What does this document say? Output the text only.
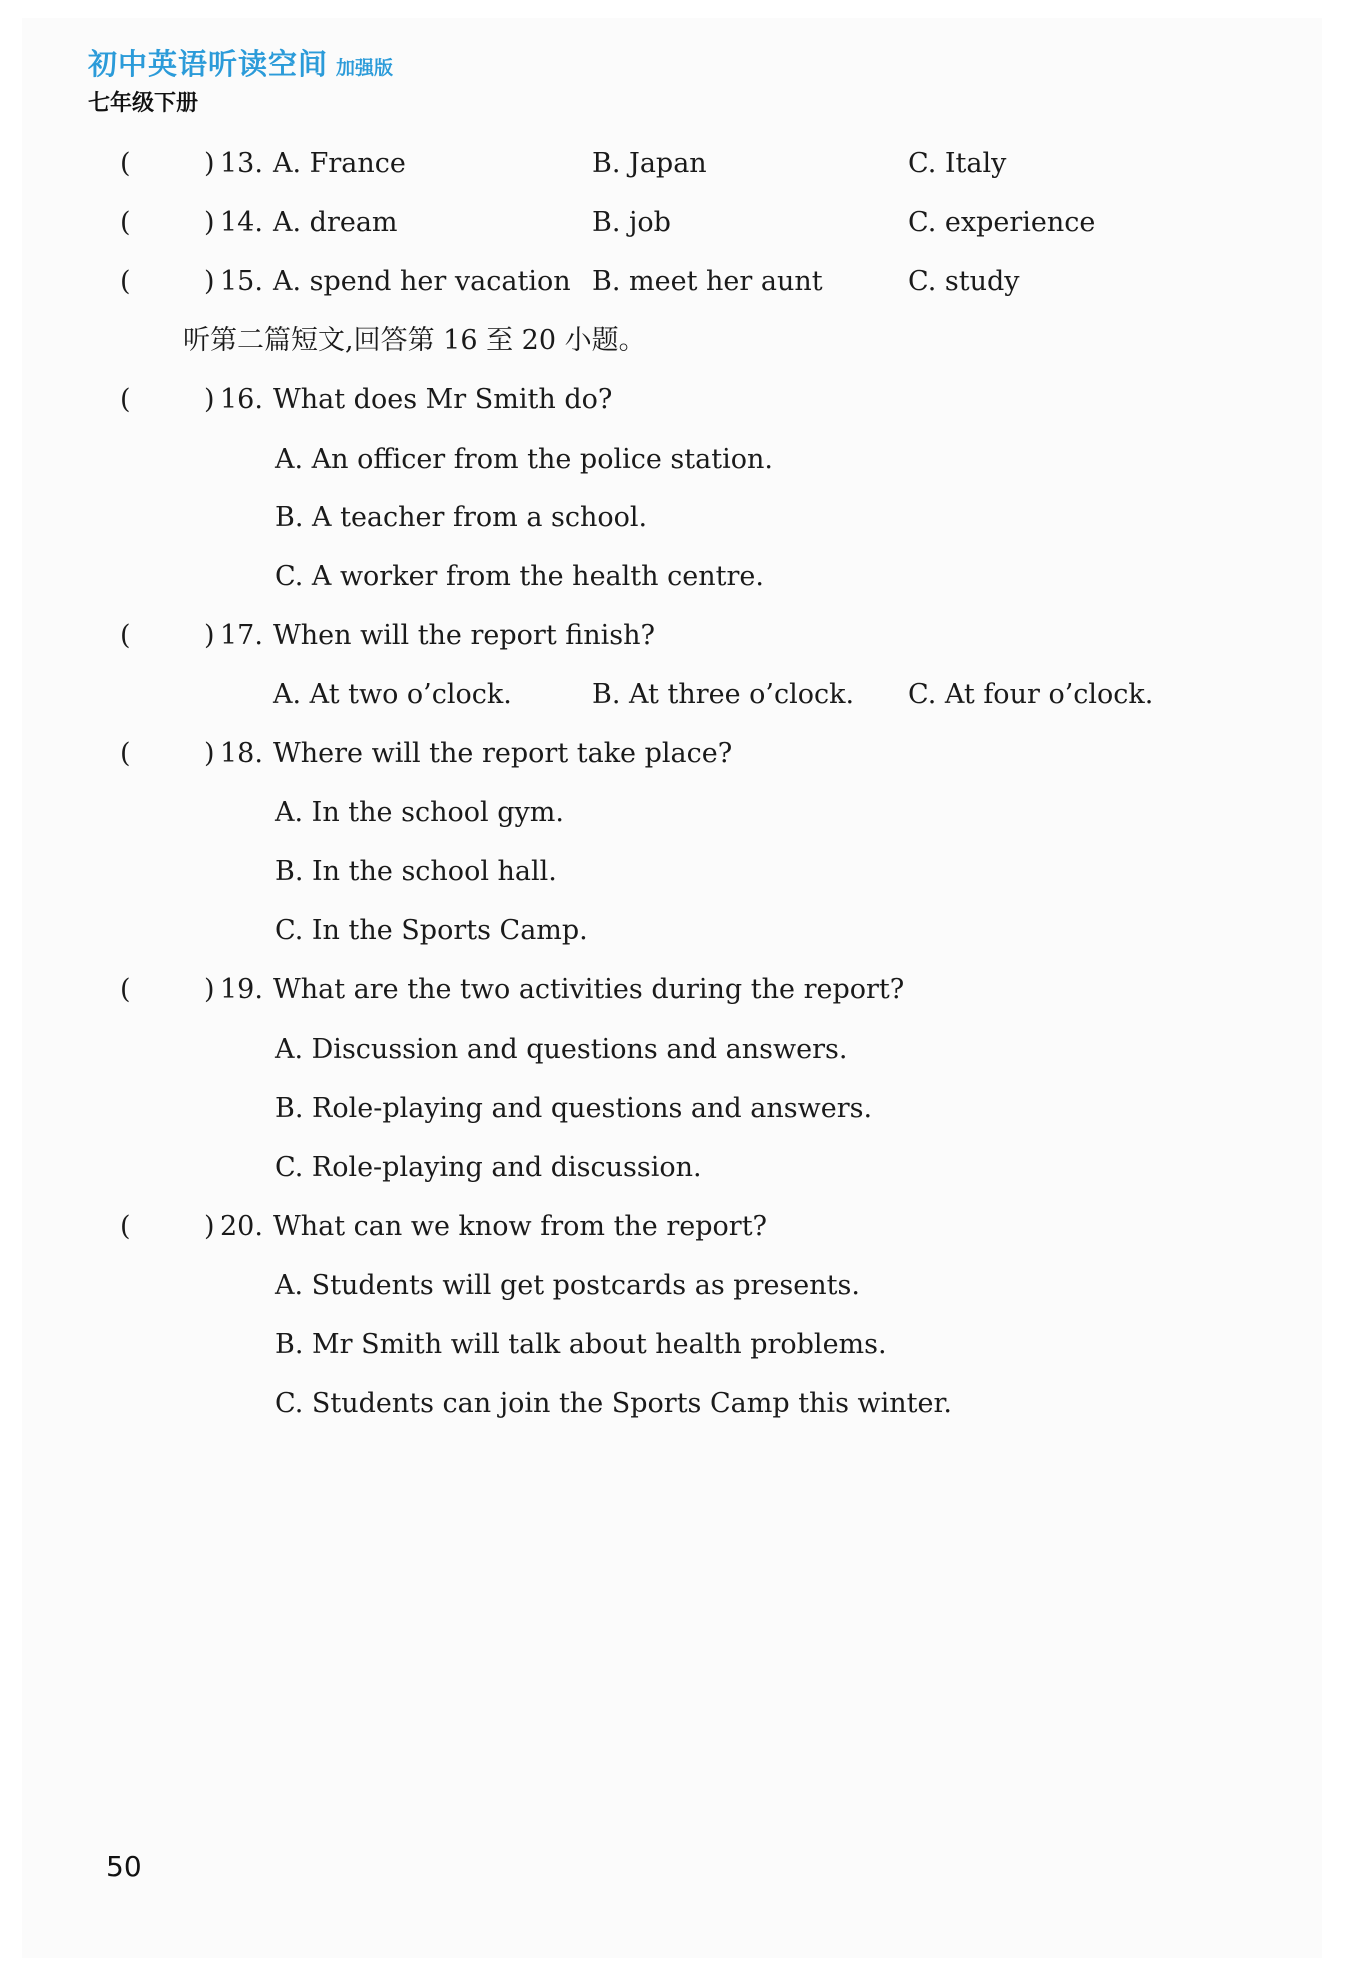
初中英语听读空间 加强版
七年级下册
(	) 13. A. France	B. Japan	C. Italy
(	) 14. A. dream	B. job	C. experience
(	) 15. A. spend her vacation B. meet her aunt	C. study
听第二篇短文,回答第 16 至 20 小题。
(	) 16. What does Mr Smith do?
A. An officer from the police station.
B. A teacher from a school.
C. A worker from the health centre.
(	) 17. When will the report finish?
A. At two o’clock.	B. At three o’clock. C. At four o’clock.
(	) 18. Where will the report take place?
A. In the school gym.
B. In the school hall.
C. In the Sports Camp.
(	) 19. What are the two activities during the report?
A. Discussion and questions and answers.
B. Role-playing and questions and answers.
C. Role-playing and discussion.
(	) 20. What can we know from the report?
A. Students will get postcards as presents.
B. Mr Smith will talk about health problems.
C. Students can join the Sports Camp this winter.
50
